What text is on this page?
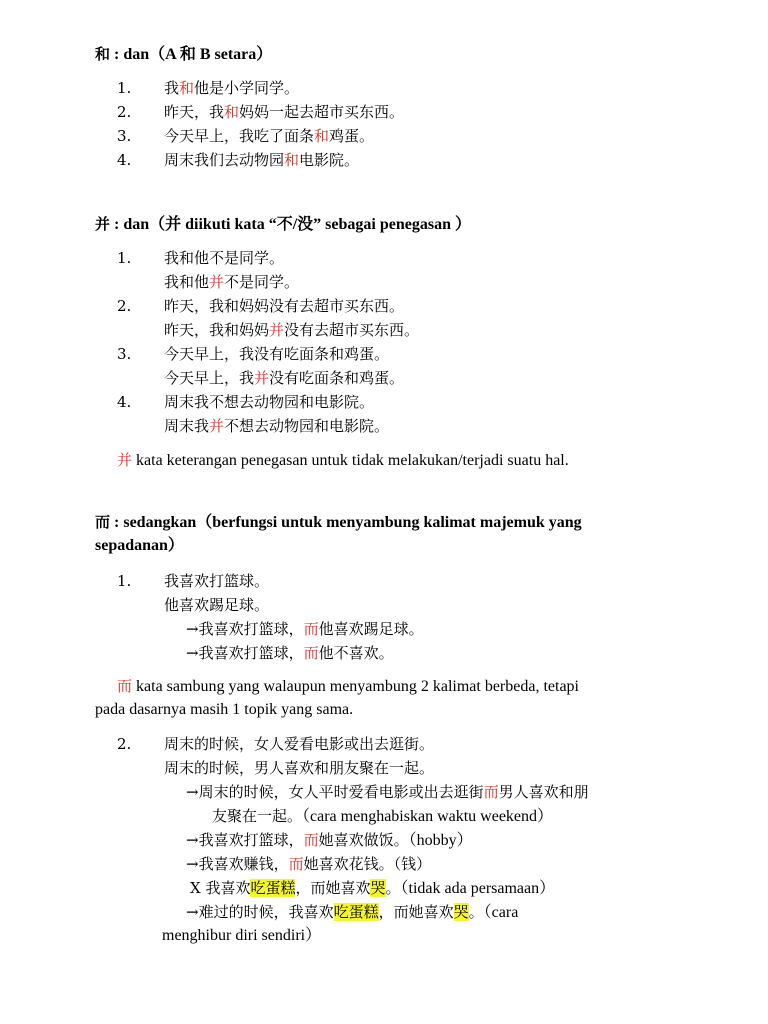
和 : dan（A 和 B setara）
1. 我和他是小学同学。
2. 昨天，我和妈妈一起去超市买东西。
3. 今天早上，我吃了面条和鸡蛋。
4. 周末我们去动物园和电影院。
并 : dan（并 diikuti kata “不/没” sebagai penegasan ）
1. 我和他不是同学。
我和他并不是同学。
2. 昨天，我和妈妈没有去超市买东西。
昨天，我和妈妈并没有去超市买东西。
3. 今天早上，我没有吃面条和鸡蛋。
今天早上，我并没有吃面条和鸡蛋。
4. 周末我不想去动物园和电影院。
周末我并不想去动物园和电影院。
并 kata keterangan penegasan untuk tidak melakukan/terjadi suatu hal.
而 : sedangkan（berfungsi untuk menyambung kalimat majemuk yang
sepadanan）
1. 我喜欢打篮球。
他喜欢踢足球。
→我喜欢打篮球，而他喜欢踢足球。
→我喜欢打篮球，而他不喜欢。
而 kata sambung yang walaupun menyambung 2 kalimat berbeda, tetapi
pada dasarnya masih 1 topik yang sama.
2. 周末的时候，女人爱看电影或出去逛街。
周末的时候，男人喜欢和朋友聚在一起。
→周末的时候，女人平时爱看电影或出去逛街而男人喜欢和朋
友聚在一起。（cara menghabiskan waktu weekend）
→我喜欢打篮球，而她喜欢做饭。（hobby）
→我喜欢赚钱，而她喜欢花钱。（钱）
X 我喜欢吃蛋糕，而她喜欢哭。（tidak ada persamaan）
→难过的时候，我喜欢吃蛋糕，而她喜欢哭。（cara
menghibur diri sendiri）
